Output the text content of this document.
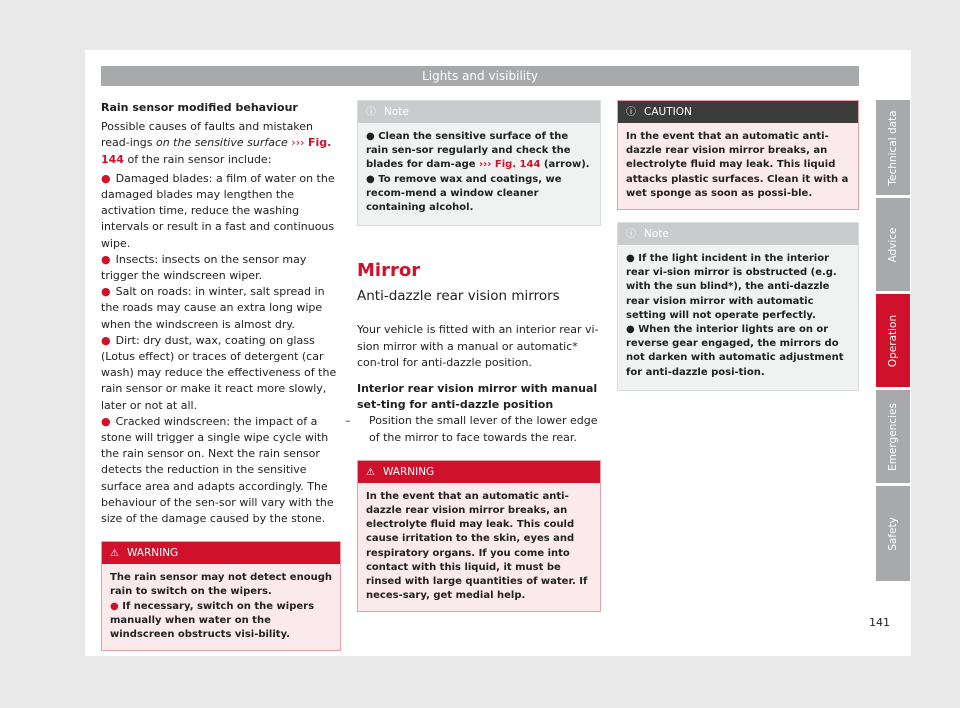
Lights and visibility

Rain sensor modified behaviour

Possible causes of faults and mistaken read-ings on the sensitive surface ››› Fig. 144 of the rain sensor include:

● Damaged blades: a film of water on the damaged blades may lengthen the activation time, reduce the washing intervals or result in a fast and continuous wipe.

● Insects: insects on the sensor may trigger the windscreen wiper.

● Salt on roads: in winter, salt spread in the roads may cause an extra long wipe when the windscreen is almost dry.

● Dirt: dry dust, wax, coating on glass (Lotus effect) or traces of detergent (car wash) may reduce the effectiveness of the rain sensor or make it react more slowly, later or not at all.

● Cracked windscreen: the impact of a stone will trigger a single wipe cycle with the rain sensor on. Next the rain sensor detects the reduction in the sensitive surface area and adapts accordingly. The behaviour of the sen-sor will vary with the size of the damage caused by the stone.

⚠ WARNING

The rain sensor may not detect enough rain to switch on the wipers.

● If necessary, switch on the wipers manually when water on the windscreen obstructs visi-bility.

ⓘ Note

● Clean the sensitive surface of the rain sen-sor regularly and check the blades for dam-age ››› Fig. 144 (arrow).

● To remove wax and coatings, we recom-mend a window cleaner containing alcohol.

Mirror
Anti-dazzle rear vision mirrors

Your vehicle is fitted with an interior rear vi-sion mirror with a manual or automatic* con-trol for anti-dazzle position.

Interior rear vision mirror with manual set-ting for anti-dazzle position

– Position the small lever of the lower edge of the mirror to face towards the rear.

⚠ WARNING

In the event that an automatic anti-dazzle rear vision mirror breaks, an electrolyte fluid may leak. This could cause irritation to the skin, eyes and respiratory organs. If you come into contact with this liquid, it must be rinsed with large quantities of water. If neces-sary, get medial help.

ⓘ CAUTION

In the event that an automatic anti-dazzle rear vision mirror breaks, an electrolyte fluid may leak. This liquid attacks plastic surfaces. Clean it with a wet sponge as soon as possi-ble.

ⓘ Note

● If the light incident in the interior rear vi-sion mirror is obstructed (e.g. with the sun blind*), the anti-dazzle rear vision mirror with automatic setting will not operate perfectly.

● When the interior lights are on or reverse gear engaged, the mirrors do not darken with automatic adjustment for anti-dazzle posi-tion.

Technical data
Advice
Operation
Emergencies
Safety
141
